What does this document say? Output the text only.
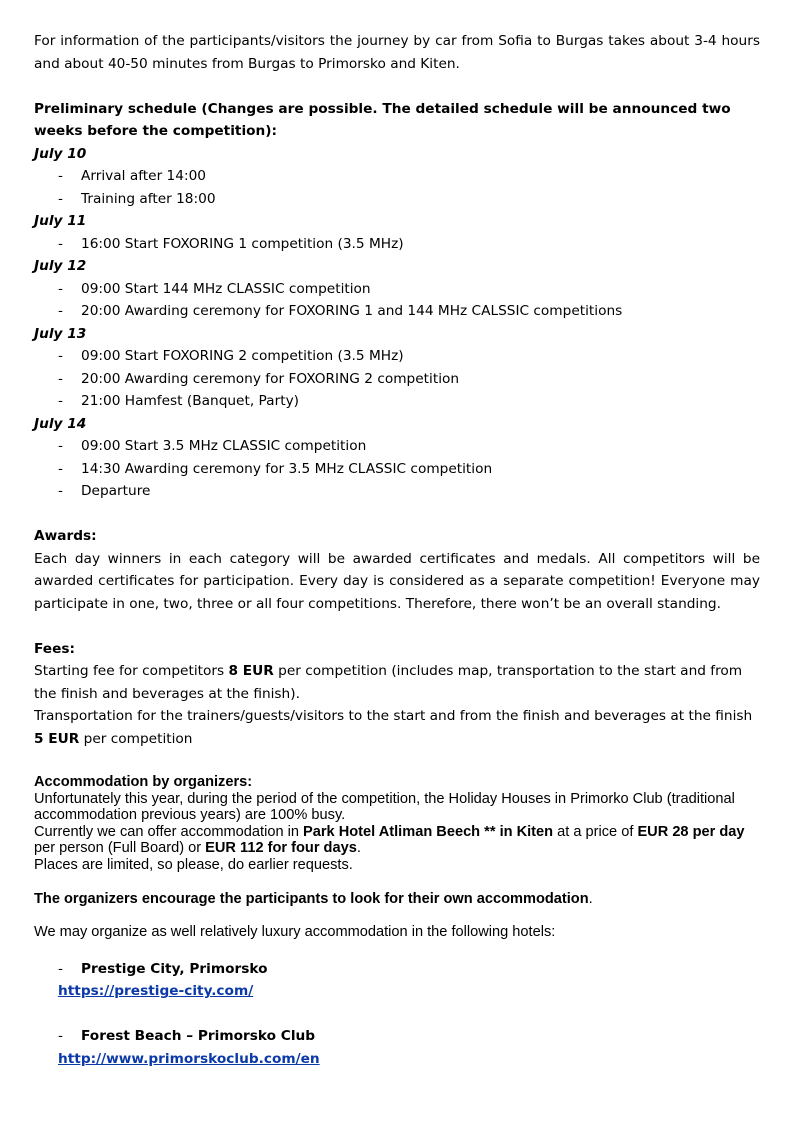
For information of the participants/visitors the journey by car from Sofia to Burgas takes about 3-4 hours and about 40-50 minutes from Burgas to Primorsko and Kiten.

Preliminary schedule (Changes are possible. The detailed schedule will be announced two weeks before the competition):

July 10

- Arrival after 14:00
- Training after 18:00

July 11

- 16:00 Start FOXORING 1 competition (3.5 MHz)

July 12

- 09:00 Start 144 MHz CLASSIC competition
- 20:00 Awarding ceremony for FOXORING 1 and 144 MHz CALSSIC competitions

July 13

- 09:00 Start FOXORING 2 competition (3.5 MHz)
- 20:00 Awarding ceremony for FOXORING 2 competition
- 21:00 Hamfest (Banquet, Party)

July 14

- 09:00 Start 3.5 MHz CLASSIC competition
- 14:30 Awarding ceremony for 3.5 MHz CLASSIC competition
- Departure

Awards:

Each day winners in each category will be awarded certificates and medals. All competitors will be awarded certificates for participation. Every day is considered as a separate competition! Everyone may participate in one, two, three or all four competitions. Therefore, there won’t be an overall standing.

Fees:

Starting fee for competitors 8 EUR per competition (includes map, transportation to the start and from the finish and beverages at the finish).

Transportation for the trainers/guests/visitors to the start and from the finish and beverages at the finish 5 EUR per competition

Accommodation by organizers:

Unfortunately this year, during the period of the competition, the Holiday Houses in Primorko Club (traditional accommodation previous years) are 100% busy.

Currently we can offer accommodation in Park Hotel Atliman Beech ** in Kiten at a price of EUR 28 per day per person (Full Board) or EUR 112 for four days.

Places are limited, so please, do earlier requests.

The organizers encourage the participants to look for their own accommodation.

We may organize as well relatively luxury accommodation in the following hotels:

- Prestige City, Primorsko

https://prestige-city.com/

- Forest Beach – Primorsko Club

http://www.primorskoclub.com/en
